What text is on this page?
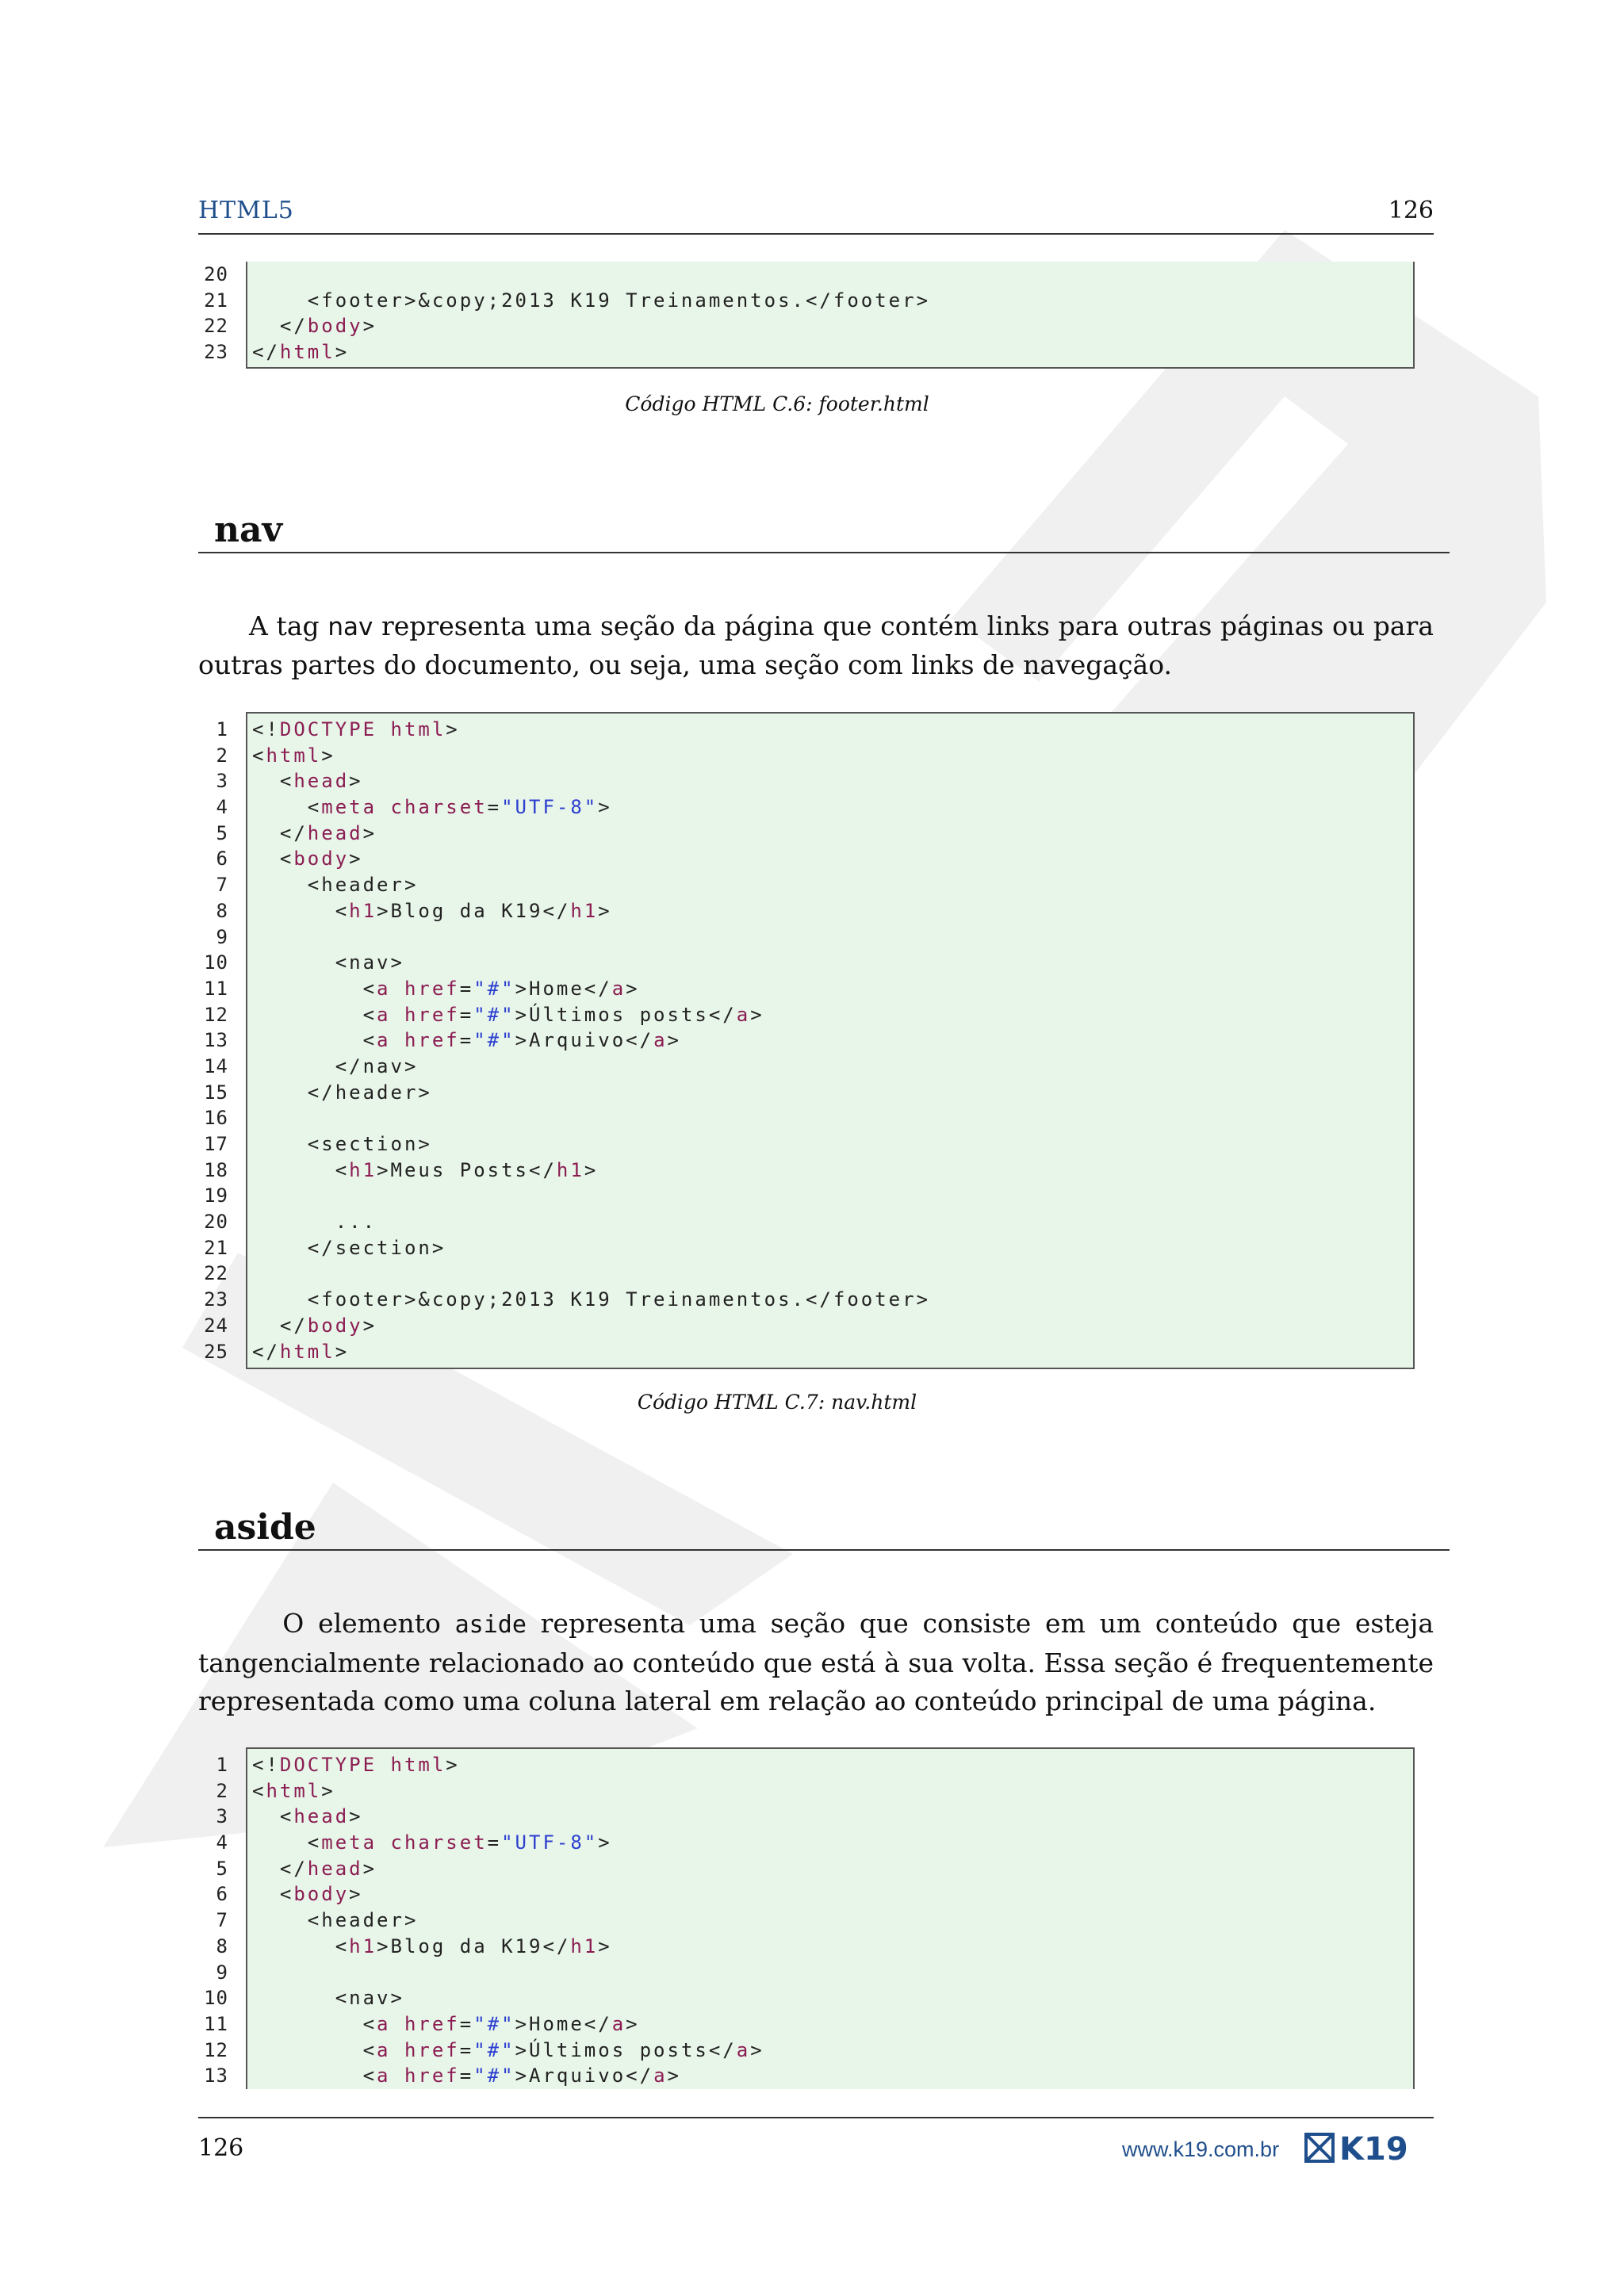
HTML5	126
20
21 <footer>&copy;2013 K19 Treinamentos.</footer>
22 </body>
23 </html>
Código HTML C.6: footer.html
nav
A tag nav representa uma seção da página que contém links para outras páginas ou para outras partes do documento, ou seja, uma seção com links de navegação.
1 <!DOCTYPE html>
2 <html>
3 <head>
4 <meta charset="UTF-8">
5 </head>
6 <body>
7 <header>
8 <h1>Blog da K19</h1>
9
10 <nav>
11 <a href="#">Home</a>
12 <a href="#">Últimos posts</a>
13 <a href="#">Arquivo</a>
14 </nav>
15 </header>
16
17 <section>
18 <h1>Meus Posts</h1>
19
20 ...
21 </section>
22
23 <footer>&copy;2013 K19 Treinamentos.</footer>
24 </body>
25 </html>
Código HTML C.7: nav.html
aside
O elemento aside representa uma seção que consiste em um conteúdo que esteja tangencialmente relacionado ao conteúdo que está à sua volta. Essa seção é frequentemente representada como uma coluna lateral em relação ao conteúdo principal de uma página.
1 <!DOCTYPE html>
2 <html>
3 <head>
4 <meta charset="UTF-8">
5 </head>
6 <body>
7 <header>
8 <h1>Blog da K19</h1>
9
10 <nav>
11 <a href="#">Home</a>
12 <a href="#">Últimos posts</a>
13 <a href="#">Arquivo</a>
126	www.k19.com.br K19
